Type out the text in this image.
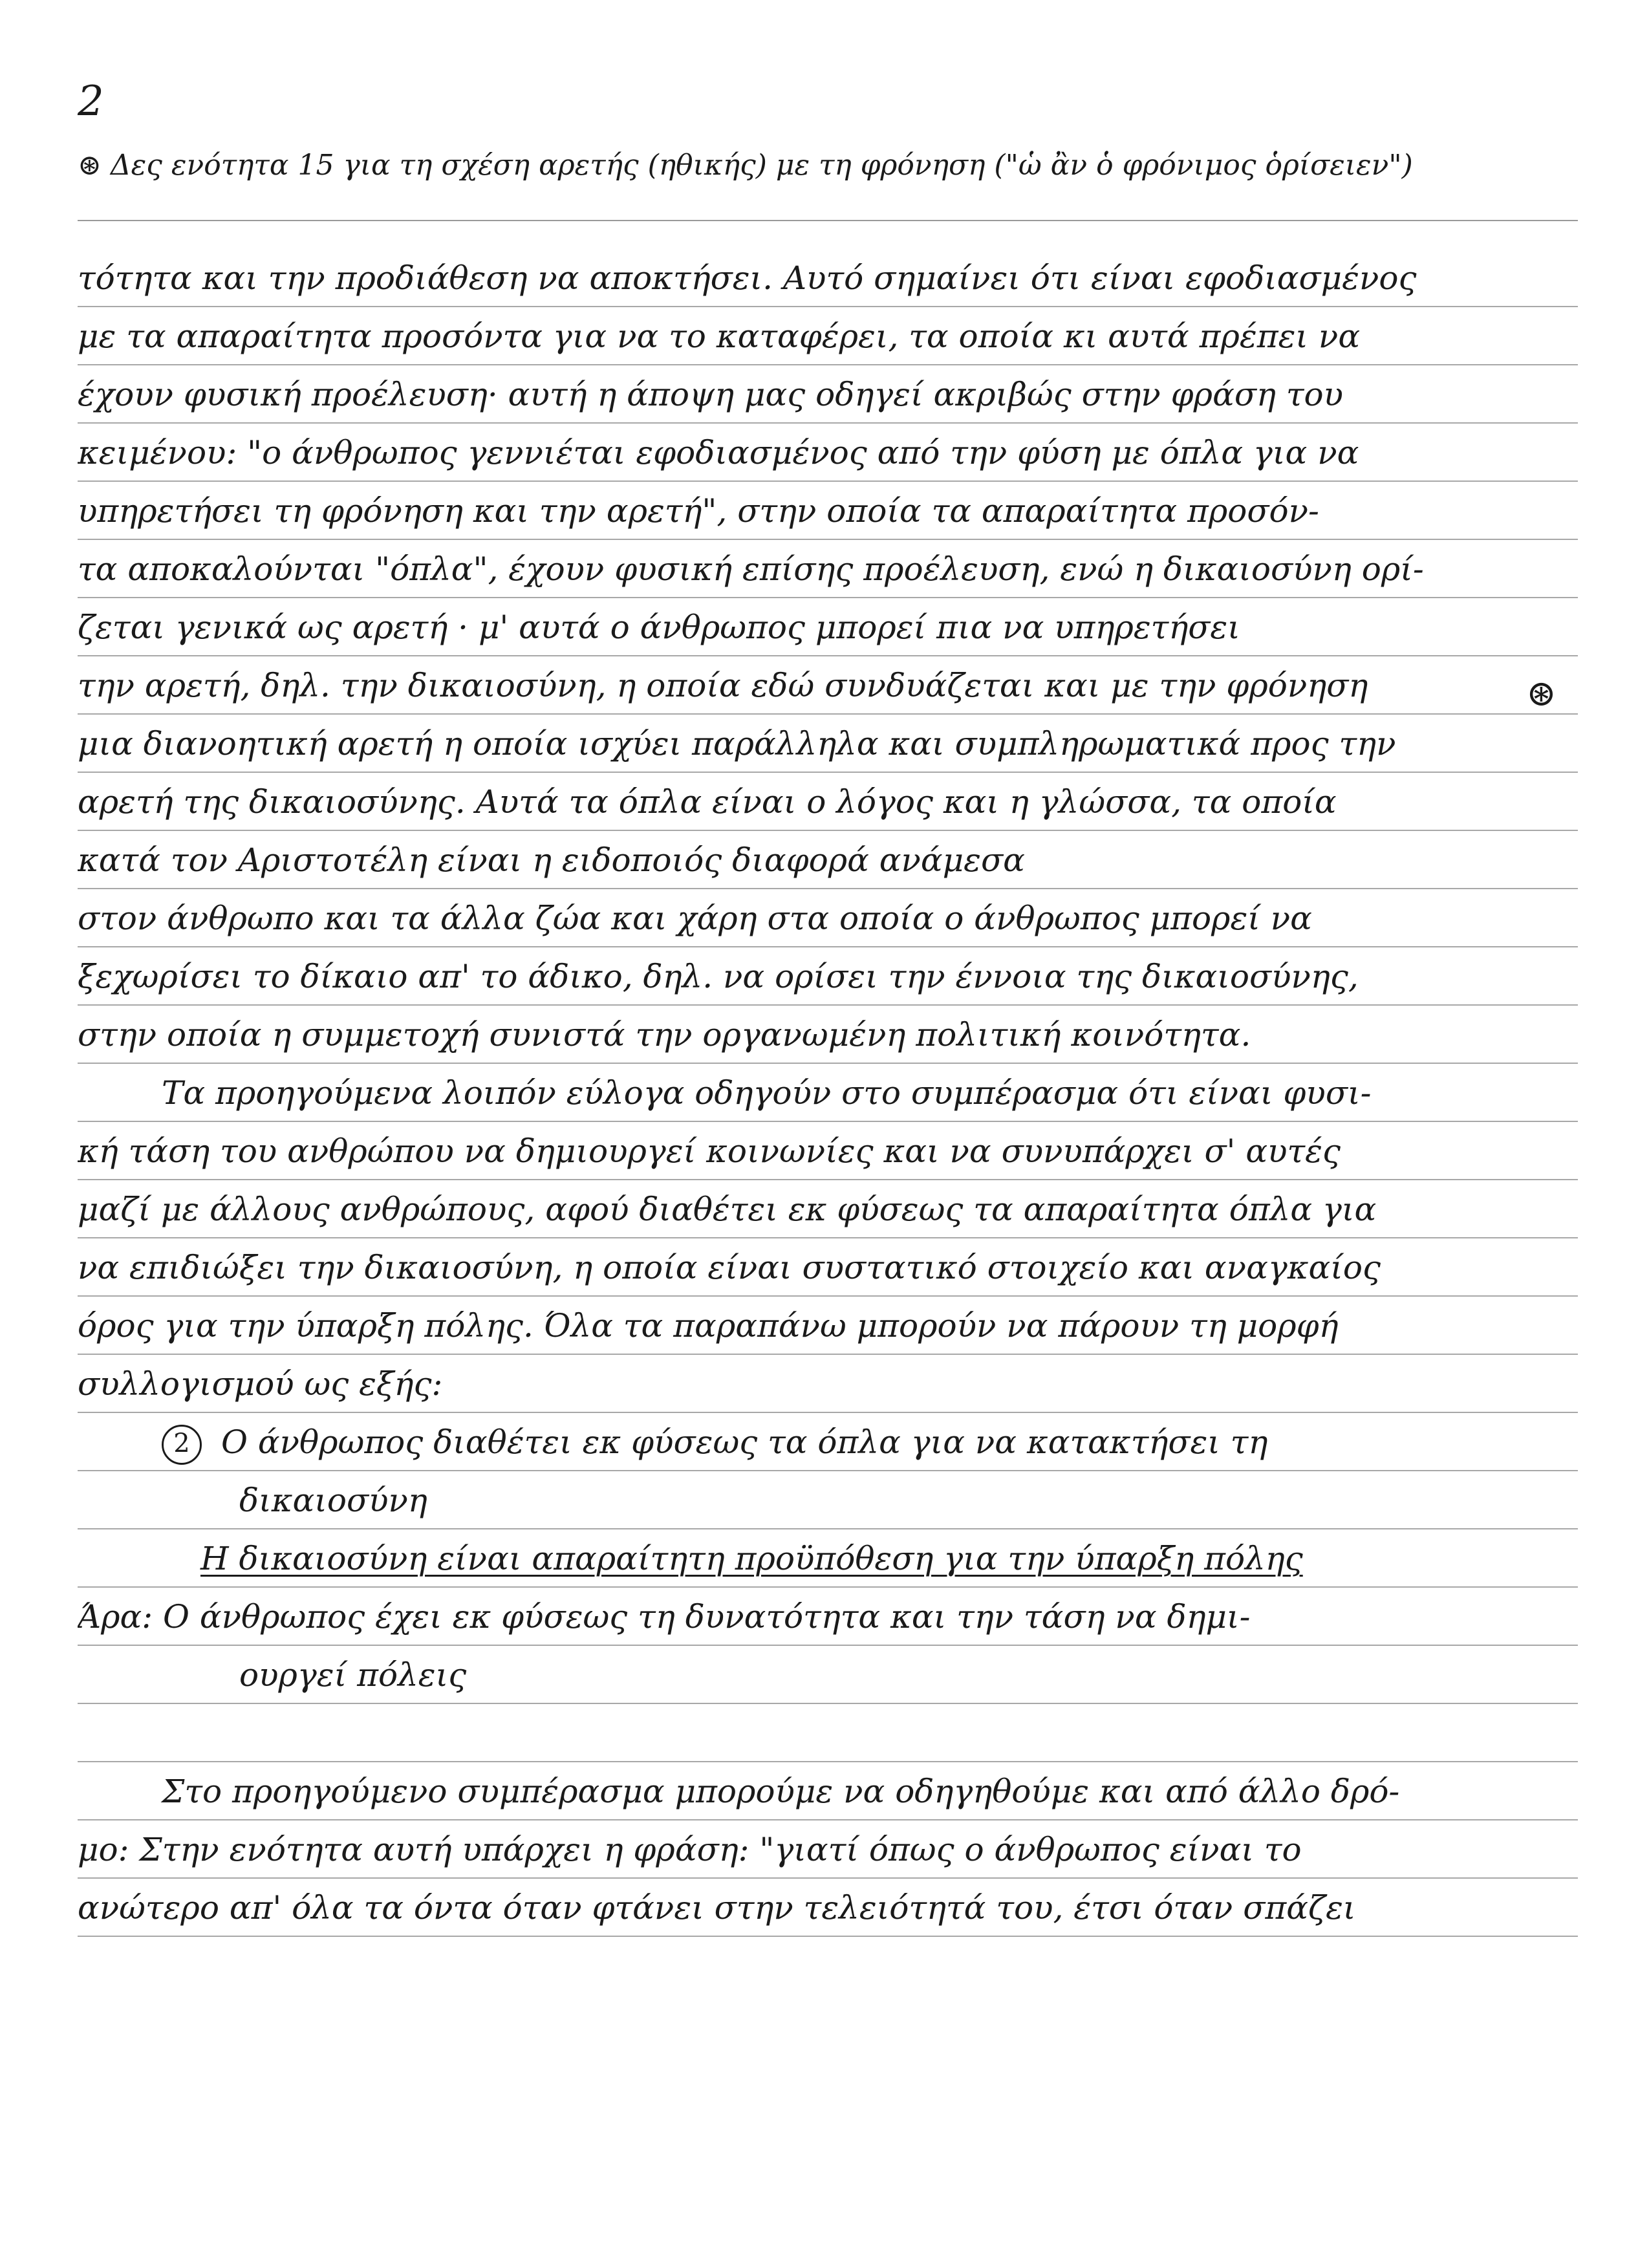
2
⊛ Δες ενότητα 15 για τη σχέση αρετής (ηθικής) με τη φρόνηση ("ὡ ἂν ὁ φρόνιμος ὁρίσειεν")
⊛
τότητα και την προδιάθεση να αποκτήσει. Αυτό σημαίνει ότι είναι εφοδιασμένος
με τα απαραίτητα προσόντα για να το καταφέρει, τα οποία κι αυτά πρέπει να
έχουν φυσική προέλευση· αυτή η άποψη μας οδηγεί ακριβώς στην φράση του
κειμένου: "ο άνθρωπος γεννιέται εφοδιασμένος από την φύση με όπλα για να
υπηρετήσει τη φρόνηση και την αρετή", στην οποία τα απαραίτητα προσόν-
τα αποκαλούνται "όπλα", έχουν φυσική επίσης προέλευση, ενώ η δικαιοσύνη ορί-
ζεται γενικά ως αρετή · μ' αυτά ο άνθρωπος μπορεί πια να υπηρετήσει
την αρετή, δηλ. την δικαιοσύνη, η οποία εδώ συνδυάζεται και με την φρόνηση
μια διανοητική αρετή η οποία ισχύει παράλληλα και συμπληρωματικά προς την
αρετή της δικαιοσύνης. Αυτά τα όπλα είναι ο λόγος και η γλώσσα, τα οποία
κατά τον Αριστοτέλη είναι η ειδοποιός διαφορά ανάμεσα
στον άνθρωπο και τα άλλα ζώα και χάρη στα οποία ο άνθρωπος μπορεί να
ξεχωρίσει το δίκαιο απ' το άδικο, δηλ. να ορίσει την έννοια της δικαιοσύνης,
στην οποία η συμμετοχή συνιστά την οργανωμένη πολιτική κοινότητα.
Τα προηγούμενα λοιπόν εύλογα οδηγούν στο συμπέρασμα ότι είναι φυσι-
κή τάση του ανθρώπου να δημιουργεί κοινωνίες και να συνυπάρχει σ' αυτές
μαζί με άλλους ανθρώπους, αφού διαθέτει εκ φύσεως τα απαραίτητα όπλα για
να επιδιώξει την δικαιοσύνη, η οποία είναι συστατικό στοιχείο και αναγκαίος
όρος για την ύπαρξη πόλης. Όλα τα παραπάνω μπορούν να πάρουν τη μορφή
συλλογισμού ως εξής:
2 Ο άνθρωπος διαθέτει εκ φύσεως τα όπλα για να κατακτήσει τη
δικαιοσύνη
Η δικαιοσύνη είναι απαραίτητη προϋπόθεση για την ύπαρξη πόλης
Άρα: Ο άνθρωπος έχει εκ φύσεως τη δυνατότητα και την τάση να δημι-
ουργεί πόλεις
Στο προηγούμενο συμπέρασμα μπορούμε να οδηγηθούμε και από άλλο δρό-
μο: Στην ενότητα αυτή υπάρχει η φράση: "γιατί όπως ο άνθρωπος είναι το
ανώτερο απ' όλα τα όντα όταν φτάνει στην τελειότητά του, έτσι όταν σπάζει
